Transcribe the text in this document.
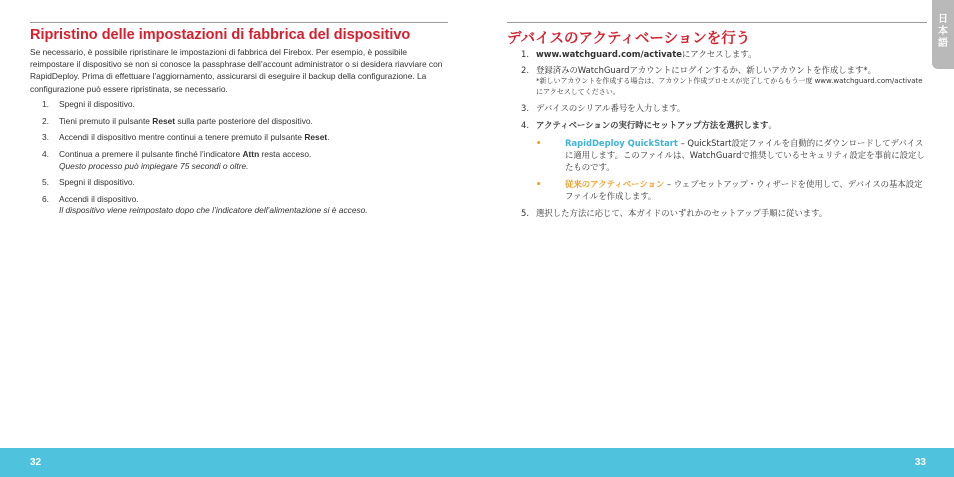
Ripristino delle impostazioni di fabbrica del dispositivo

Se necessario, è possibile ripristinare le impostazioni di fabbrica del Firebox. Per esempio, è possibile reimpostare il dispositivo se non si conosce la passphrase dell’account administrator o si desidera riavviare con RapidDeploy. Prima di effettuare l’aggiornamento, assicurarsi di eseguire il backup della configurazione. La configurazione può essere ripristinata, se necessario.

1. Spegni il dispositivo.
2. Tieni premuto il pulsante Reset sulla parte posteriore del dispositivo.
3. Accendi il dispositivo mentre continui a tenere premuto il pulsante Reset.
4. Continua a premere il pulsante finché l’indicatore Attn resta acceso.
Questo processo può impiegare 75 secondi o oltre.
5. Spegni il dispositivo.
6. Accendi il dispositivo.
Il dispositivo viene reimpostato dopo che l’indicatore dell’alimentazione si è acceso.
デバイスのアクティベーションを行う
1. www.watchguard.com/activateにアクセスします。
2. 登録済みのWatchGuardアカウントにログインするか、新しいアカウントを作成します*。
*新しいアカウントを作成する場合は、アカウント作成プロセスが完了してからもう一度 www.watchguard.com/activateにアクセスしてください。
3. デバイスのシリアル番号を入力します。
4. アクティベーションの実行時にセットアップ方法を選択します。
•	RapidDeploy QuickStart – QuickStart設定ファイルを自動的にダウンロードしてデバイスに適用します。このファイルは、WatchGuardで推奨しているセキュリティ設定を事前に設定したものです。
•	従来のアクティベーション – ウェブセットアップ・ウィザードを使用して、デバイスの基本設定ファイルを作成します。
5. 選択した方法に応じて、本ガイドのいずれかのセットアップ手順に従います。
日本語
32	33
